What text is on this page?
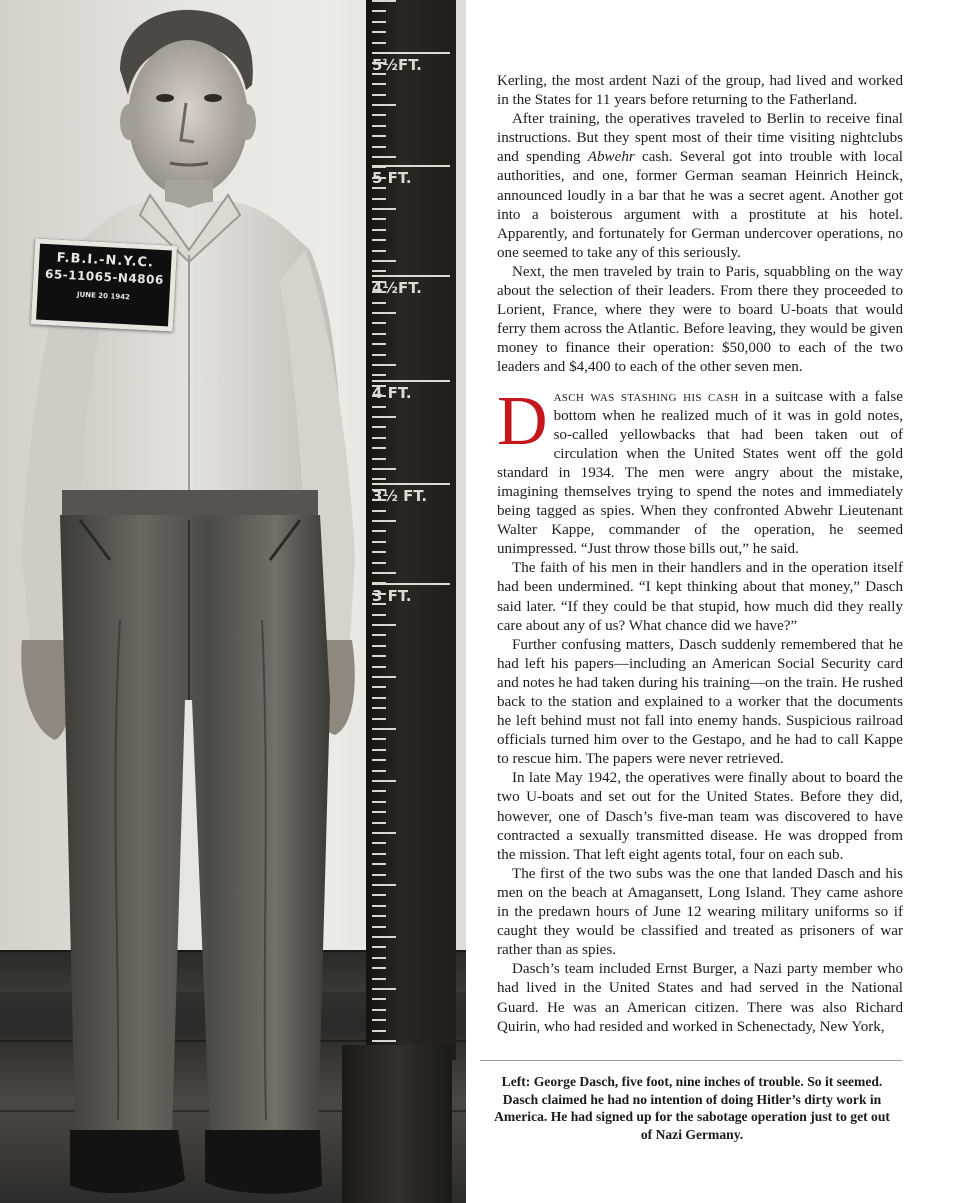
5½FT.
5 FT.
4½FT.
4 FT.
3½ FT.
3 FT.
F.B.I.-N.Y.C.
65-11065-N4806
JUNE 20 1942

Kerling, the most ardent Nazi of the group, had lived and worked in the States for 11 years before returning to the Fatherland.

After training, the operatives traveled to Berlin to receive final instructions. But they spent most of their time visiting nightclubs and spending Abwehr cash. Several got into trouble with local authorities, and one, former German seaman Heinrich Heinck, announced loudly in a bar that he was a secret agent. Another got into a boisterous argument with a prostitute at his hotel. Apparently, and fortunately for German undercover operations, no one seemed to take any of this seriously.

Next, the men traveled by train to Paris, squabbling on the way about the selection of their leaders. From there they proceeded to Lorient, France, where they were to board U-boats that would ferry them across the Atlantic. Before leaving, they would be given money to finance their operation: $50,000 to each of the two leaders and $4,400 to each of the other seven men.

Dasch was stashing his cash in a suitcase with a false bottom when he realized much of it was in gold notes, so-called yellowbacks that had been taken out of circulation when the United States went off the gold standard in 1934. The men were angry about the mistake, imagining themselves trying to spend the notes and immediately being tagged as spies. When they confronted Abwehr Lieutenant Walter Kappe, commander of the operation, he seemed unimpressed. “Just throw those bills out,” he said.

The faith of his men in their handlers and in the operation itself had been undermined. “I kept thinking about that money,” Dasch said later. “If they could be that stupid, how much did they really care about any of us? What chance did we have?”

Further confusing matters, Dasch suddenly remembered that he had left his papers—including an American Social Security card and notes he had taken during his training—on the train. He rushed back to the station and explained to a worker that the documents he left behind must not fall into enemy hands. Suspicious railroad officials turned him over to the Gestapo, and he had to call Kappe to rescue him. The papers were never retrieved.

In late May 1942, the operatives were finally about to board the two U-boats and set out for the United States. Before they did, however, one of Dasch’s five-man team was discovered to have contracted a sexually transmitted disease. He was dropped from the mission. That left eight agents total, four on each sub.

The first of the two subs was the one that landed Dasch and his men on the beach at Amagansett, Long Island. They came ashore in the predawn hours of June 12 wearing military uniforms so if caught they would be classified and treated as prisoners of war rather than as spies.

Dasch’s team included Ernst Burger, a Nazi party member who had lived in the United States and had served in the National Guard. He was an American citizen. There was also Richard Quirin, who had resided and worked in Schenectady, New York,

Left: George Dasch, five foot, nine inches of trouble. So it seemed. Dasch claimed he had no intention of doing Hitler’s dirty work in America. He had signed up for the sabotage operation just to get out of Nazi Germany.
